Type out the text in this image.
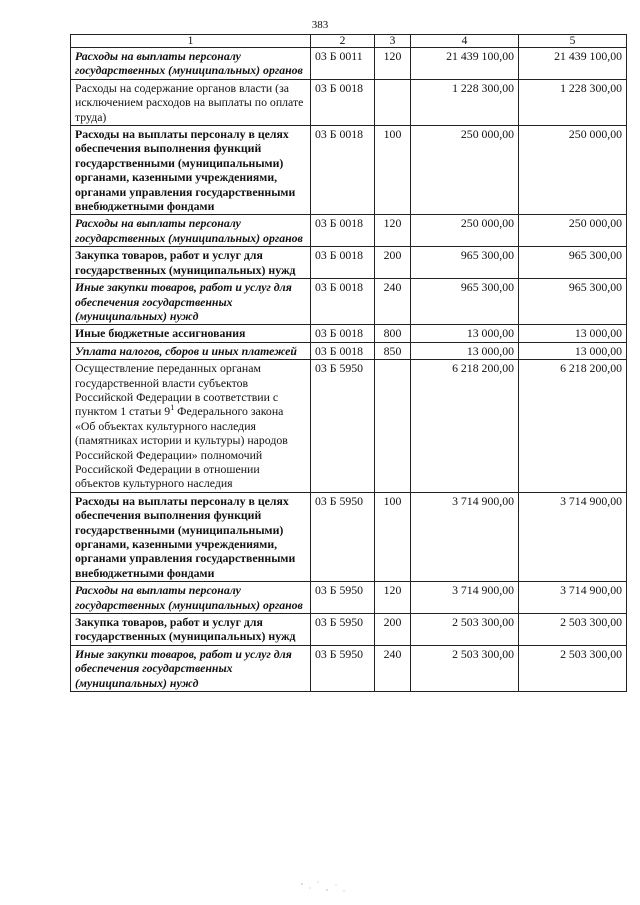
383
1	2	3	4	5
Расходы на выплаты персоналу государственных (муниципальных) органов	03 Б 0011	120	21 439 100,00	21 439 100,00
Расходы на содержание органов власти (за исключением расходов на выплаты по оплате труда)	03 Б 0018		1 228 300,00	1 228 300,00
Расходы на выплаты персоналу в целях обеспечения выполнения функций государственными (муниципальными) органами, казенными учреждениями, органами управления государственными внебюджетными фондами	03 Б 0018	100	250 000,00	250 000,00
Расходы на выплаты персоналу государственных (муниципальных) органов	03 Б 0018	120	250 000,00	250 000,00
Закупка товаров, работ и услуг для государственных (муниципальных) нужд	03 Б 0018	200	965 300,00	965 300,00
Иные закупки товаров, работ и услуг для обеспечения государственных (муниципальных) нужд	03 Б 0018	240	965 300,00	965 300,00
Иные бюджетные ассигнования	03 Б 0018	800	13 000,00	13 000,00
Уплата налогов, сборов и иных платежей	03 Б 0018	850	13 000,00	13 000,00
Осуществление переданных органам государственной власти субъектов Российской Федерации в соответствии с пунктом 1 статьи $9^1$ Федерального закона «Об объектах культурного наследия (памятниках истории и культуры) народов Российской Федерации» полномочий Российской Федерации в отношении объектов культурного наследия	03 Б 5950		6 218 200,00	6 218 200,00
Расходы на выплаты персоналу в целях обеспечения выполнения функций государственными (муниципальными) органами, казенными учреждениями, органами управления государственными внебюджетными фондами	03 Б 5950	100	3 714 900,00	3 714 900,00
Расходы на выплаты персоналу государственных (муниципальных) органов	03 Б 5950	120	3 714 900,00	3 714 900,00
Закупка товаров, работ и услуг для государственных (муниципальных) нужд	03 Б 5950	200	2 503 300,00	2 503 300,00
Иные закупки товаров, работ и услуг для обеспечения государственных (муниципальных) нужд	03 Б 5950	240	2 503 300,00	2 503 300,00
